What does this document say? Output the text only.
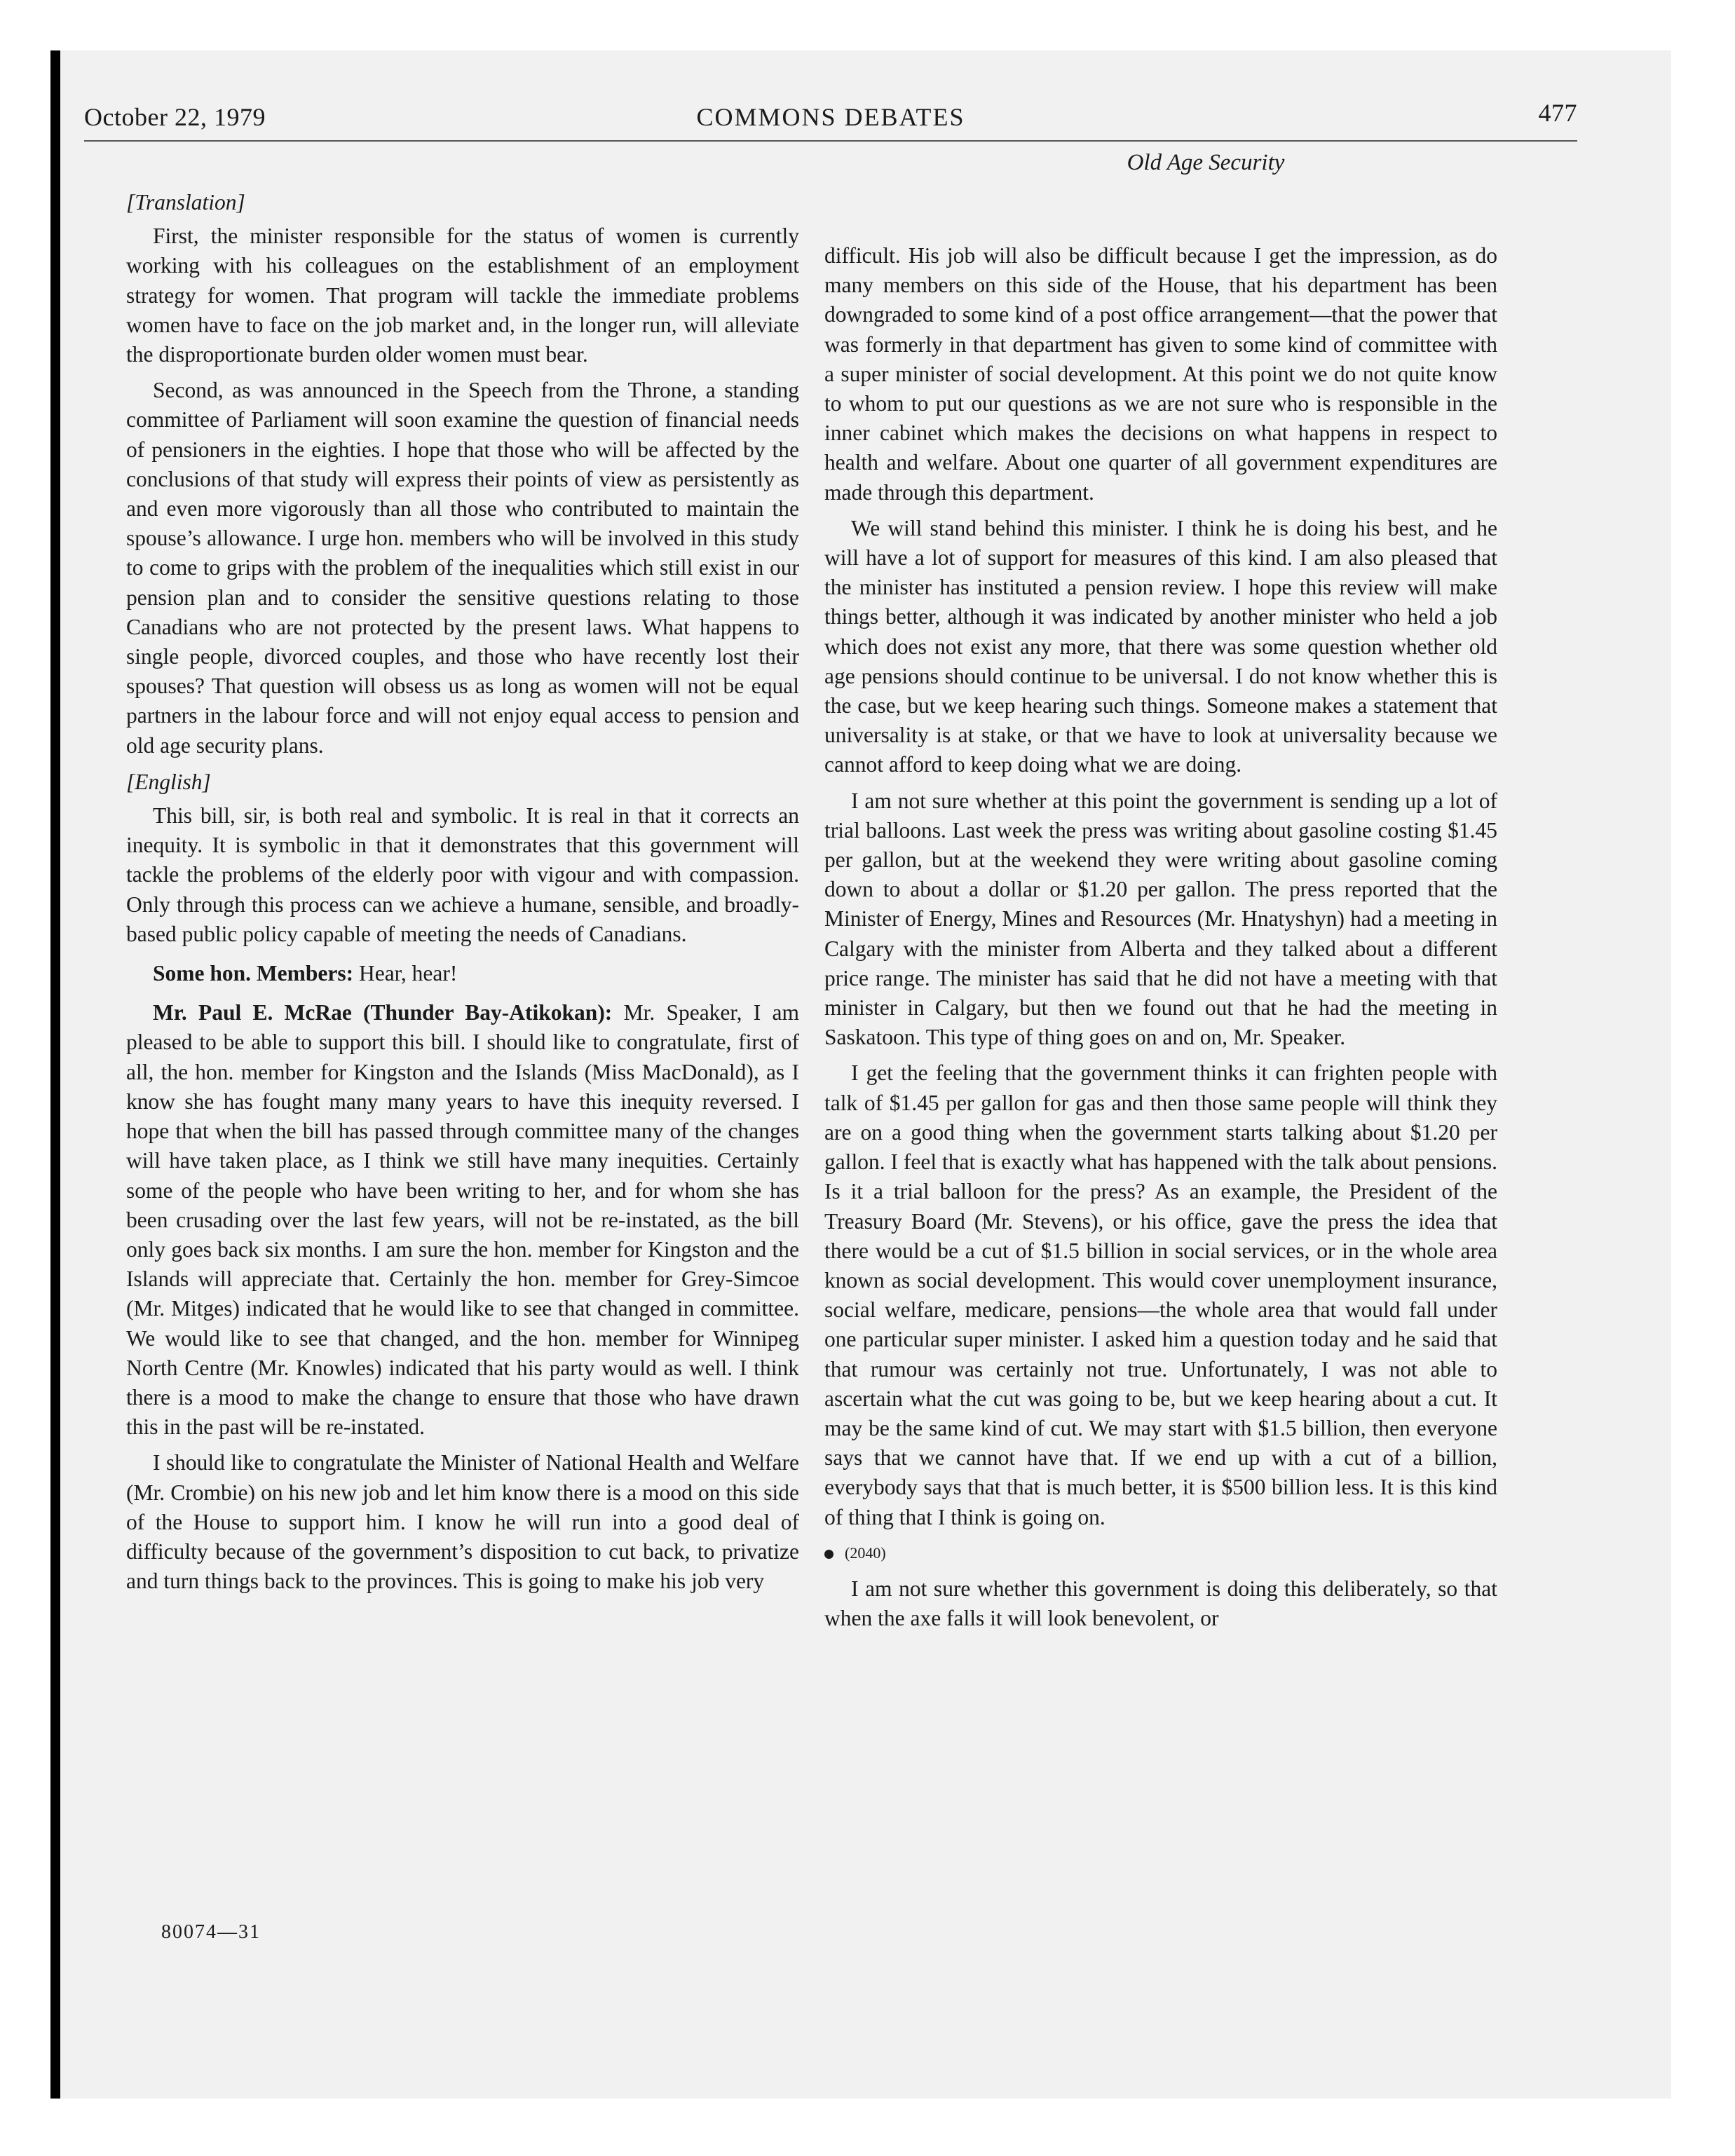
October 22, 1979	COMMONS DEBATES	477
Old Age Security

[Translation]

First, the minister responsible for the status of women is currently working with his colleagues on the establishment of an employment strategy for women. That program will tackle the immediate problems women have to face on the job market and, in the longer run, will alleviate the disproportionate burden older women must bear.

Second, as was announced in the Speech from the Throne, a standing committee of Parliament will soon examine the question of financial needs of pensioners in the eighties. I hope that those who will be affected by the conclusions of that study will express their points of view as persistently as and even more vigorously than all those who contributed to maintain the spouse’s allowance. I urge hon. members who will be involved in this study to come to grips with the problem of the inequalities which still exist in our pension plan and to consider the sensitive questions relating to those Canadians who are not protected by the present laws. What happens to single people, divorced couples, and those who have recently lost their spouses? That question will obsess us as long as women will not be equal partners in the labour force and will not enjoy equal access to pension and old age security plans.

[English]

This bill, sir, is both real and symbolic. It is real in that it corrects an inequity. It is symbolic in that it demonstrates that this government will tackle the problems of the elderly poor with vigour and with compassion. Only through this process can we achieve a humane, sensible, and broadly-based public policy capable of meeting the needs of Canadians.

Some hon. Members: Hear, hear!

Mr. Paul E. McRae (Thunder Bay-Atikokan): Mr. Speaker, I am pleased to be able to support this bill. I should like to congratulate, first of all, the hon. member for Kingston and the Islands (Miss MacDonald), as I know she has fought many many years to have this inequity reversed. I hope that when the bill has passed through committee many of the changes will have taken place, as I think we still have many inequities. Certainly some of the people who have been writing to her, and for whom she has been crusading over the last few years, will not be re-instated, as the bill only goes back six months. I am sure the hon. member for Kingston and the Islands will appreciate that. Certainly the hon. member for Grey-Simcoe (Mr. Mitges) indicated that he would like to see that changed in committee. We would like to see that changed, and the hon. member for Winnipeg North Centre (Mr. Knowles) indicated that his party would as well. I think there is a mood to make the change to ensure that those who have drawn this in the past will be re-instated.

I should like to congratulate the Minister of National Health and Welfare (Mr. Crombie) on his new job and let him know there is a mood on this side of the House to support him. I know he will run into a good deal of difficulty because of the government’s disposition to cut back, to privatize and turn things back to the provinces. This is going to make his job very

difficult. His job will also be difficult because I get the impression, as do many members on this side of the House, that his department has been downgraded to some kind of a post office arrangement—that the power that was formerly in that department has given to some kind of committee with a super minister of social development. At this point we do not quite know to whom to put our questions as we are not sure who is responsible in the inner cabinet which makes the decisions on what happens in respect to health and welfare. About one quarter of all government expenditures are made through this department.

We will stand behind this minister. I think he is doing his best, and he will have a lot of support for measures of this kind. I am also pleased that the minister has instituted a pension review. I hope this review will make things better, although it was indicated by another minister who held a job which does not exist any more, that there was some question whether old age pensions should continue to be universal. I do not know whether this is the case, but we keep hearing such things. Someone makes a statement that universality is at stake, or that we have to look at universality because we cannot afford to keep doing what we are doing.

I am not sure whether at this point the government is sending up a lot of trial balloons. Last week the press was writing about gasoline costing $1.45 per gallon, but at the weekend they were writing about gasoline coming down to about a dollar or $1.20 per gallon. The press reported that the Minister of Energy, Mines and Resources (Mr. Hnatyshyn) had a meeting in Calgary with the minister from Alberta and they talked about a different price range. The minister has said that he did not have a meeting with that minister in Calgary, but then we found out that he had the meeting in Saskatoon. This type of thing goes on and on, Mr. Speaker.

I get the feeling that the government thinks it can frighten people with talk of $1.45 per gallon for gas and then those same people will think they are on a good thing when the government starts talking about $1.20 per gallon. I feel that is exactly what has happened with the talk about pensions. Is it a trial balloon for the press? As an example, the President of the Treasury Board (Mr. Stevens), or his office, gave the press the idea that there would be a cut of $1.5 billion in social services, or in the whole area known as social development. This would cover unemployment insurance, social welfare, medicare, pensions—the whole area that would fall under one particular super minister. I asked him a question today and he said that that rumour was certainly not true. Unfortunately, I was not able to ascertain what the cut was going to be, but we keep hearing about a cut. It may be the same kind of cut. We may start with $1.5 billion, then everyone says that we cannot have that. If we end up with a cut of a billion, everybody says that that is much better, it is $500 billion less. It is this kind of thing that I think is going on.

(2040)

I am not sure whether this government is doing this deliberately, so that when the axe falls it will look benevolent, or

80074—31
